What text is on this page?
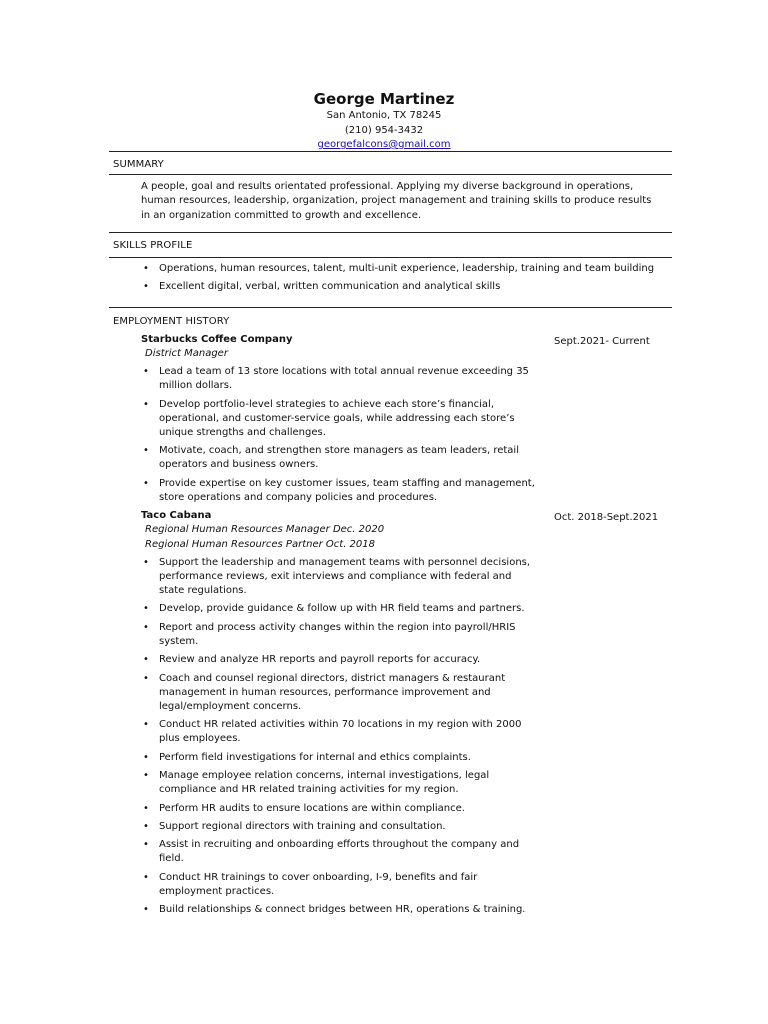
George Martinez
San Antonio, TX 78245
(210) 954-3432
georgefalcons@gmail.com
SUMMARY
A people, goal and results orientated professional. Applying my diverse background in operations, human resources, leadership, organization, project management and training skills to produce results in an organization committed to growth and excellence.
SKILLS PROFILE
• Operations, human resources, talent, multi-unit experience, leadership, training and team building
• Excellent digital, verbal, written communication and analytical skills
EMPLOYMENT HISTORY
Starbucks Coffee Company	Sept.2021- Current
District Manager
• Lead a team of 13 store locations with total annual revenue exceeding 35 million dollars.
• Develop portfolio-level strategies to achieve each store’s financial, operational, and customer-service goals, while addressing each store’s unique strengths and challenges.
• Motivate, coach, and strengthen store managers as team leaders, retail operators and business owners.
• Provide expertise on key customer issues, team staffing and management, store operations and company policies and procedures.
Taco Cabana	Oct. 2018-Sept.2021
Regional Human Resources Manager Dec. 2020
Regional Human Resources Partner Oct. 2018
• Support the leadership and management teams with personnel decisions, performance reviews, exit interviews and compliance with federal and state regulations.
• Develop, provide guidance & follow up with HR field teams and partners.
• Report and process activity changes within the region into payroll/HRIS system.
• Review and analyze HR reports and payroll reports for accuracy.
• Coach and counsel regional directors, district managers & restaurant management in human resources, performance improvement and legal/employment concerns.
• Conduct HR related activities within 70 locations in my region with 2000 plus employees.
• Perform field investigations for internal and ethics complaints.
• Manage employee relation concerns, internal investigations, legal compliance and HR related training activities for my region.
• Perform HR audits to ensure locations are within compliance.
• Support regional directors with training and consultation.
• Assist in recruiting and onboarding efforts throughout the company and field.
• Conduct HR trainings to cover onboarding, I-9, benefits and fair employment practices.
• Build relationships & connect bridges between HR, operations & training.
